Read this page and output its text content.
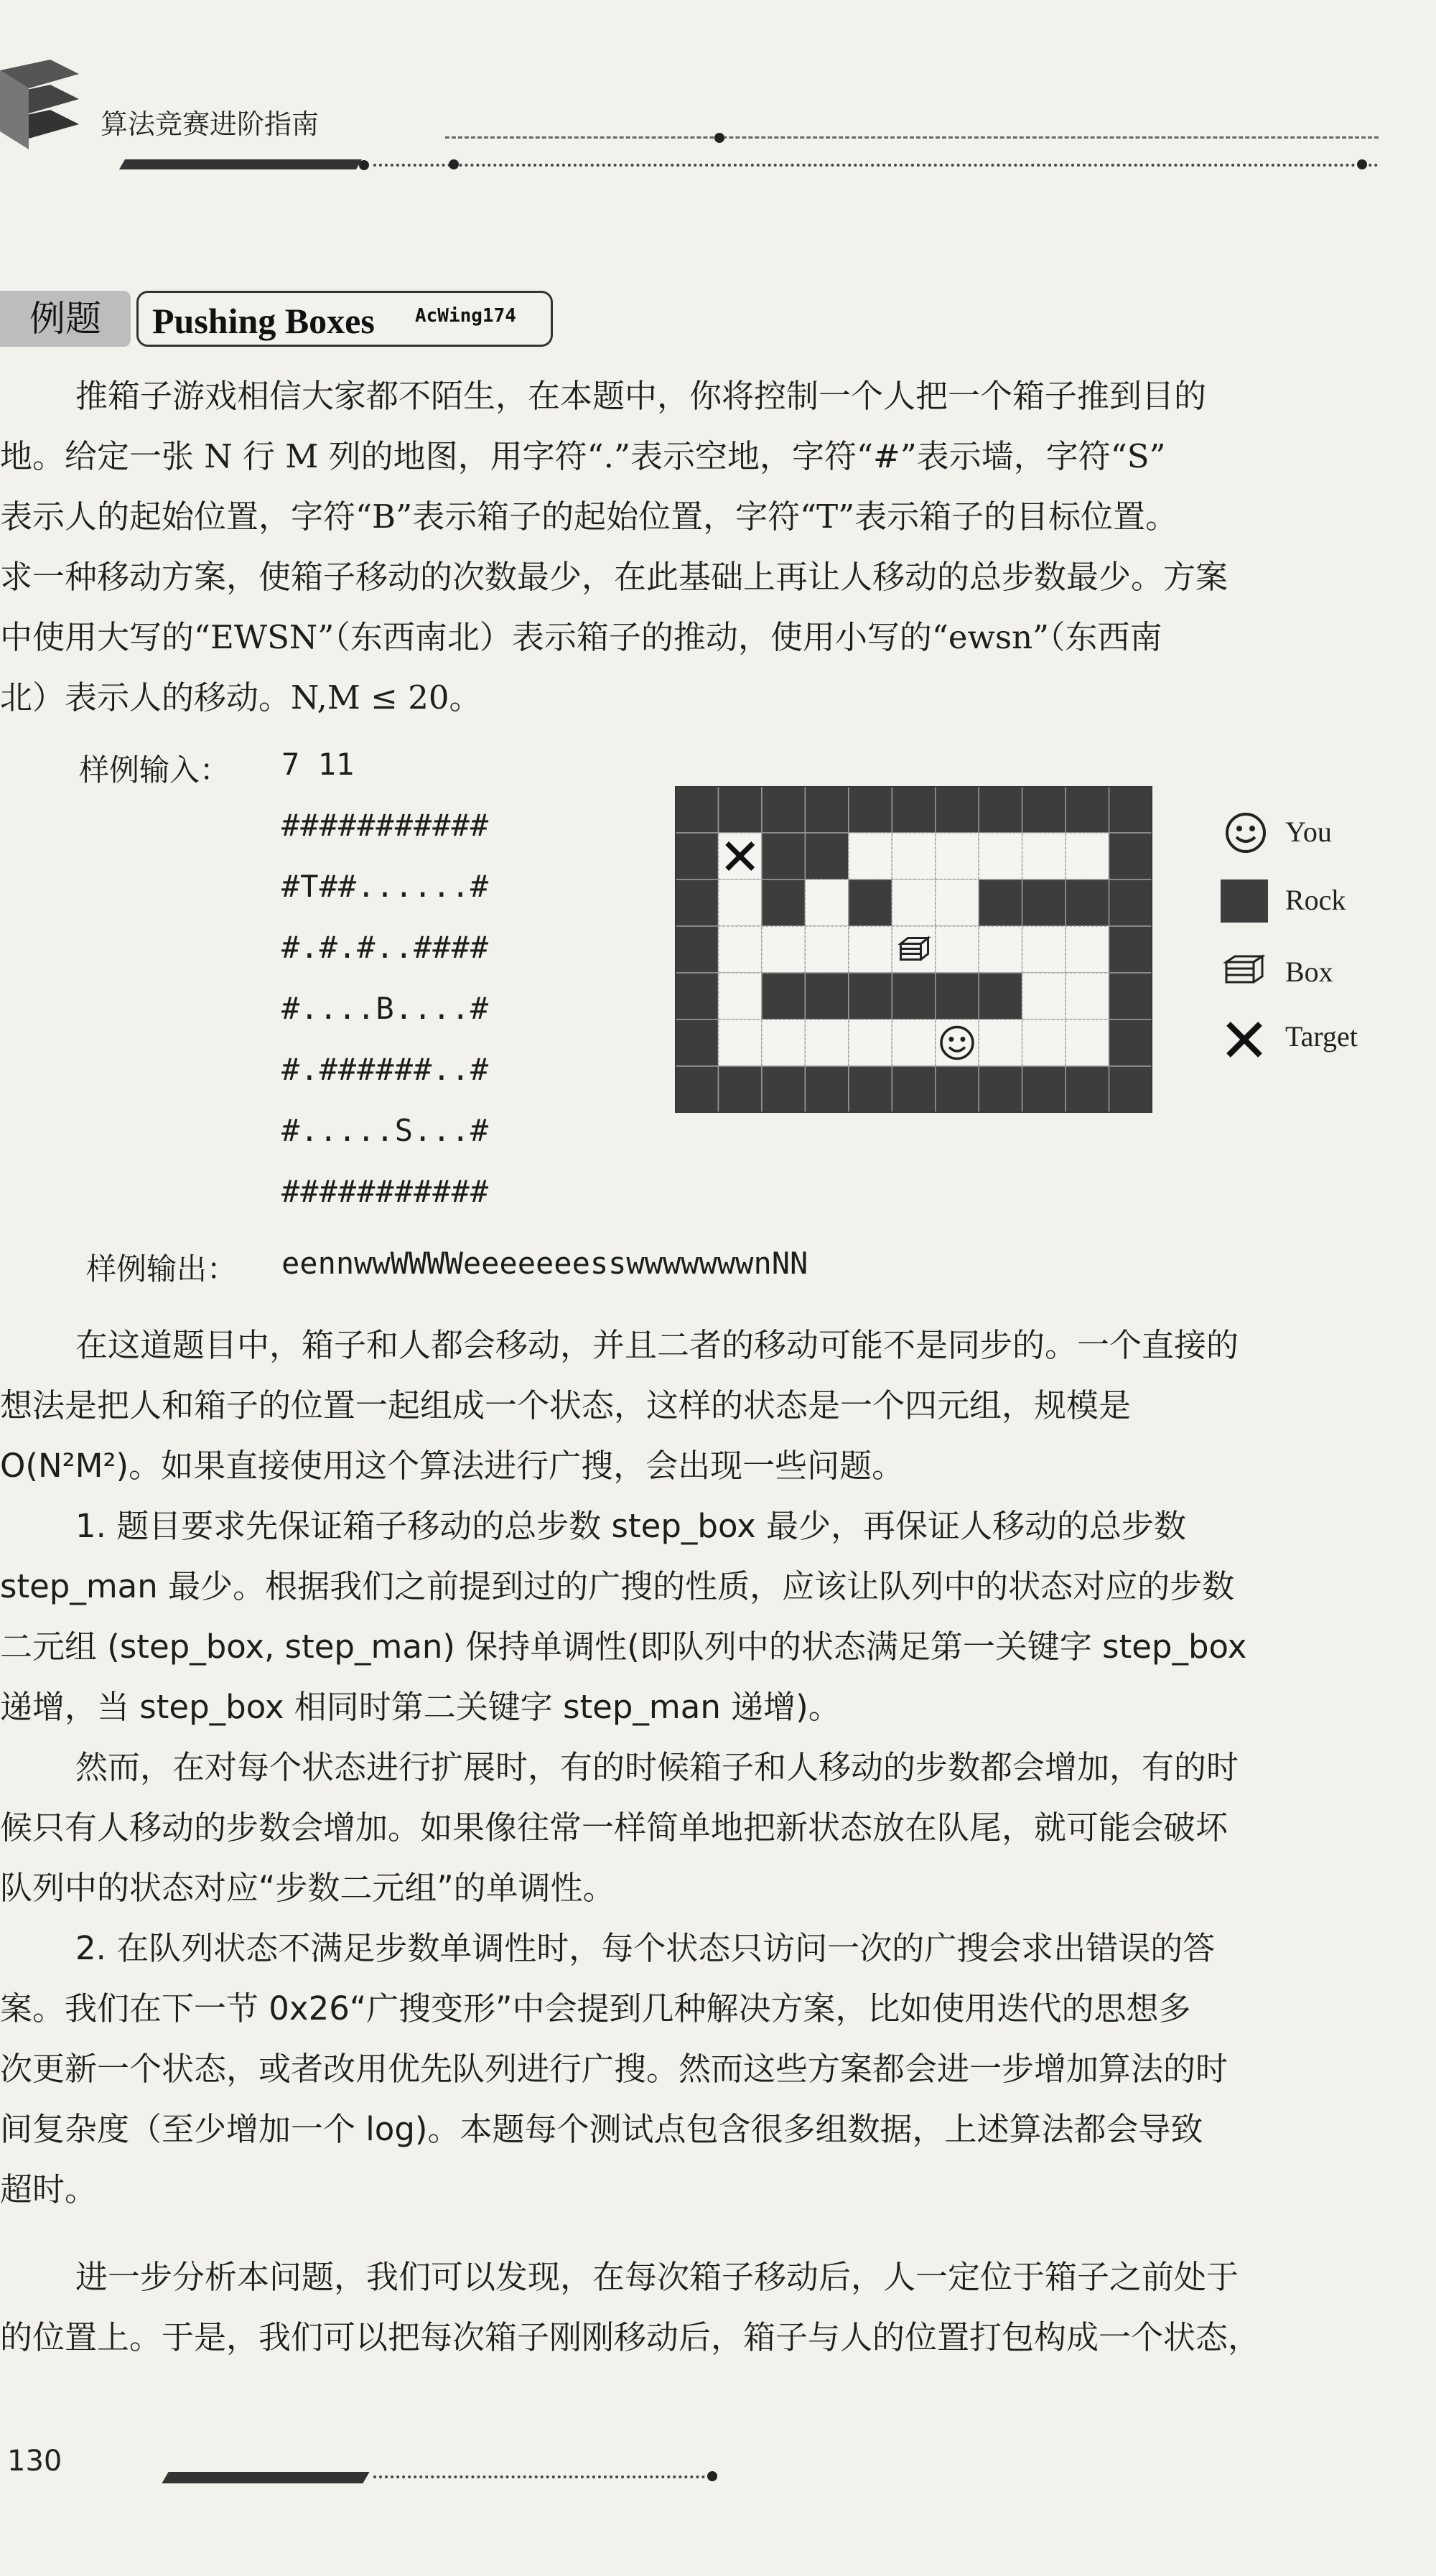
算法竞赛进阶指南
例题	Pushing Boxes AcWing174
推箱子游戏相信大家都不陌生，在本题中，你将控制一个人把一个箱子推到目的
地。给定一张 N 行 M 列的地图，用字符“.”表示空地，字符“#”表示墙，字符“S”
表示人的起始位置，字符“B”表示箱子的起始位置，字符“T”表示箱子的目标位置。
求一种移动方案，使箱子移动的次数最少，在此基础上再让人移动的总步数最少。方案
中使用大写的“EWSN”（东西南北）表示箱子的推动，使用小写的“ewsn”（东西南
北）表示人的移动。N,M ≤ 20。
样例输入： 7 11
###########
#T##......#
#.#.#..####
#....B....#
#.######..#
#.....S...#
###########
You
Rock
Box
Target
样例输出： eennwwWWWWeeeeeeesswwwwwwwnNN
在这道题目中，箱子和人都会移动，并且二者的移动可能不是同步的。一个直接的
想法是把人和箱子的位置一起组成一个状态，这样的状态是一个四元组，规模是
O(N²M²)。如果直接使用这个算法进行广搜，会出现一些问题。
1. 题目要求先保证箱子移动的总步数 step_box 最少，再保证人移动的总步数
step_man 最少。根据我们之前提到过的广搜的性质，应该让队列中的状态对应的步数
二元组 (step_box, step_man) 保持单调性(即队列中的状态满足第一关键字 step_box
递增，当 step_box 相同时第二关键字 step_man 递增)。
然而，在对每个状态进行扩展时，有的时候箱子和人移动的步数都会增加，有的时
候只有人移动的步数会增加。如果像往常一样简单地把新状态放在队尾，就可能会破坏
队列中的状态对应“步数二元组”的单调性。
2. 在队列状态不满足步数单调性时，每个状态只访问一次的广搜会求出错误的答
案。我们在下一节 0x26“广搜变形”中会提到几种解决方案，比如使用迭代的思想多
次更新一个状态，或者改用优先队列进行广搜。然而这些方案都会进一步增加算法的时
间复杂度（至少增加一个 log)。本题每个测试点包含很多组数据，上述算法都会导致
超时。
进一步分析本问题，我们可以发现，在每次箱子移动后，人一定位于箱子之前处于
的位置上。于是，我们可以把每次箱子刚刚移动后，箱子与人的位置打包构成一个状态，
130
